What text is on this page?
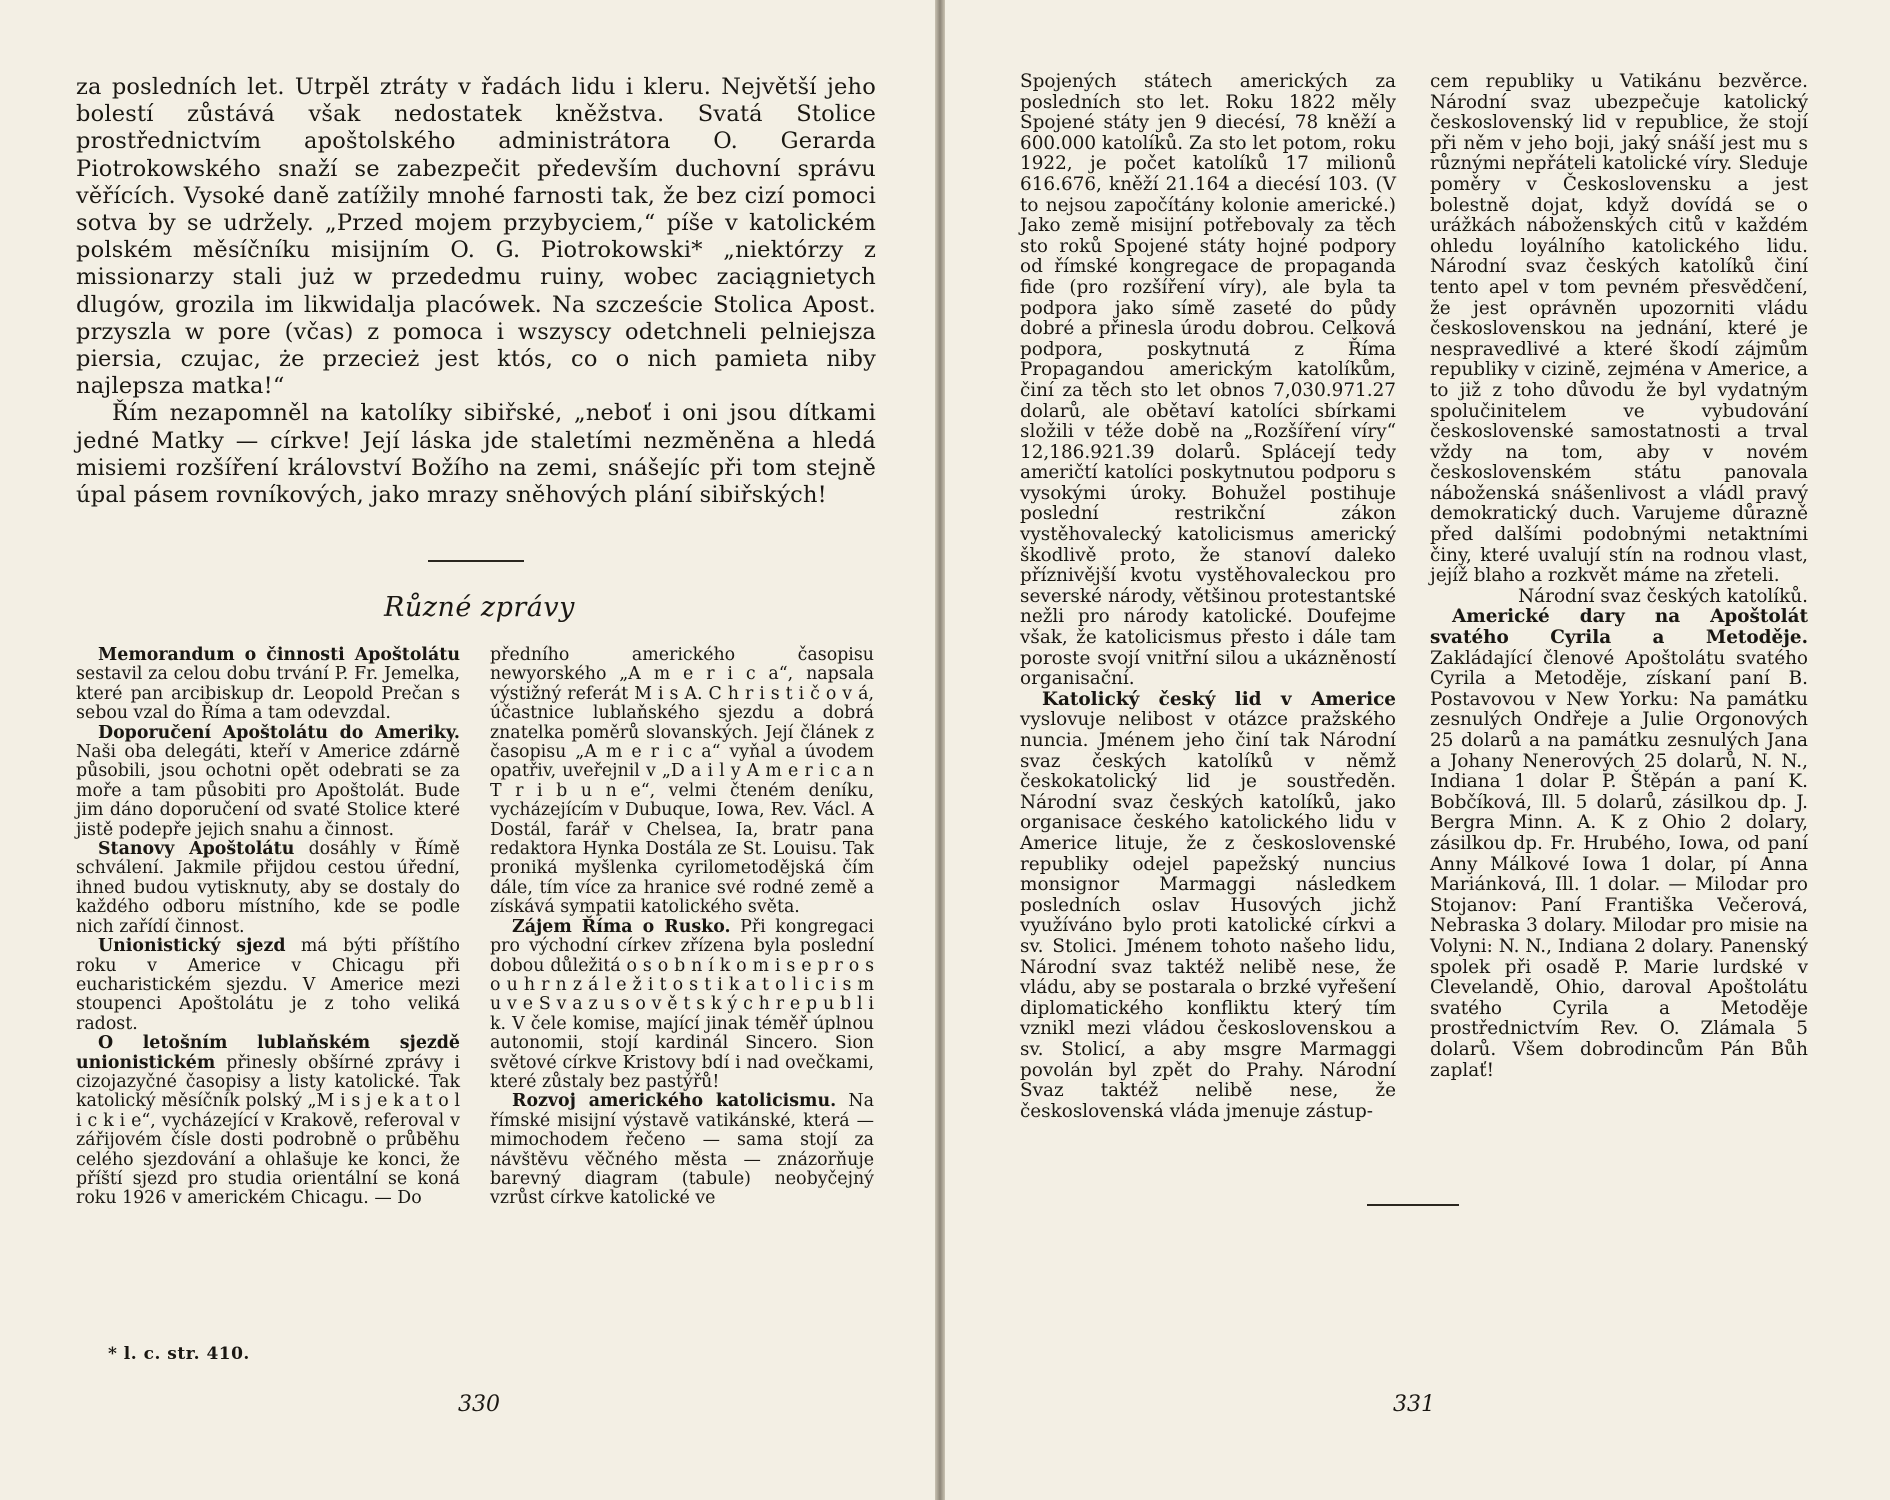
za posledních let. Utrpěl ztráty v řadách lidu i kleru. Největší jeho bolestí zůstává však nedostatek kněžstva. Svatá Stolice prostřednictvím apoštolského administrátora O. Gerarda Piotrokowského snaží se zabezpečit především duchovní správu věřících. Vysoké daně zatížily mnohé farnosti tak, že bez cizí pomoci sotva by se udržely. „Przed mojem przybyciem,“ píše v katolickém polském měsíčníku misijním O. G. Piotrokowski* „niektórzy z missionarzy stali już w przededmu ruiny, wobec zaciągnietych dlugów, grozila im likwidalja placówek. Na szczeście Stolica Apost. przyszla w pore (včas) z pomoca i wszyscy odetchneli pelniejsza piersia, czujac, że przecież jest któs, co o nich pamieta niby najlepsza matka!“

Řím nezapomněl na katolíky sibiřské, „neboť i oni jsou dítkami jedné Matky — církve! Její láska jde staletími nezměněna a hledá misiemi rozšíření království Božího na zemi, snášejíc při tom stejně úpal pásem rovníkových, jako mrazy sněhových plání sibiřských!

Různé zprávy

Memorandum o činnosti Apoštolátu sestavil za celou dobu trvání P. Fr. Jemelka, které pan arcibiskup dr. Leopold Prečan s sebou vzal do Říma a tam odevzdal.

Doporučení Apoštolátu do Ameriky. Naši oba delegáti, kteří v Americe zdárně působili, jsou ochotni opět odebrati se za moře a tam působiti pro Apoštolát. Bude jim dáno doporučení od svaté Stolice které jistě podepře jejich snahu a činnost.

Stanovy Apoštolátu dosáhly v Římě schválení. Jakmile přijdou cestou úřední, ihned budou vytisknuty, aby se dostaly do každého odboru místního, kde se podle nich zařídí činnost.

Unionistický sjezd má býti příštího roku v Americe v Chicagu při eucharistickém sjezdu. V Americe mezi stoupenci Apoštolátu je z toho veliká radost.

O letošním lublaňském sjezdě unionistickém přinesly obšírné zprávy i cizojazyčné časopisy a listy katolické. Tak katolický měsíčník polský „M i s j e k a t o l i c k i e“, vycházející v Krakově, referoval v zářijovém čísle dosti podrobně o průběhu celého sjezdování a ohlašuje ke konci, že příští sjezd pro studia orientální se koná roku 1926 v americkém Chicagu. — Do

předního amerického časopisu newyorského „A m e r i c a“, napsala výstižný referát M i s A. C h r i s t i č o v á, účastnice lublaňského sjezdu a dobrá znatelka poměrů slovanských. Její článek z časopisu „A m e r i c a“ vyňal a úvodem opatřiv, uveřejnil v „D a i l y A m e r i c a n T r i b u n e“, velmi čteném deníku, vycházejícím v Dubuque, Iowa, Rev. Václ. A Dostál, farář v Chelsea, Ia, bratr pana redaktora Hynka Dostála ze St. Louisu. Tak proniká myšlenka cyrilometodějská čím dále, tím více za hranice své rodné země a získává sympatii katolického světa.

Zájem Říma o Rusko. Při kongregaci pro východní církev zřízena byla poslední dobou důležitá o s o b n í k o m i s e p r o s o u h r n z á l e ž i t o s t i k a t o l i c i s m u v e S v a z u s o v ě t s k ý c h r e p u b l i k. V čele komise, mající jinak téměř úplnou autonomii, stojí kardinál Sincero. Sion světové církve Kristovy bdí i nad ovečkami, které zůstaly bez pastýřů!

Rozvoj amerického katolicismu. Na římské misijní výstavě vatikánské, která — mimochodem řečeno — sama stojí za návštěvu věčného města — znázorňuje barevný diagram (tabule) neobyčejný vzrůst církve katolické ve

* l. c. str. 410.
330

Spojených státech amerických za posledních sto let. Roku 1822 měly Spojené státy jen 9 diecésí, 78 kněží a 600.000 katolíků. Za sto let potom, roku 1922, je počet katolíků 17 milionů 616.676, kněží 21.164 a diecésí 103. (V to nejsou započítány kolonie americké.) Jako země misijní potřebovaly za těch sto roků Spojené státy hojné podpory od římské kongregace de propaganda fide (pro rozšíření víry), ale byla ta podpora jako símě zaseté do půdy dobré a přinesla úrodu dobrou. Celková podpora, poskytnutá z Říma Propagandou americkým katolíkům, činí za těch sto let obnos 7,030.971.27 dolarů, ale obětaví katolíci sbírkami složili v téže době na „Rozšíření víry“ 12,186.921.39 dolarů. Splácejí tedy američtí katolíci poskytnutou podporu s vysokými úroky. Bohužel postihuje poslední restrikční zákon vystěhovalecký katolicismus americký škodlivě proto, že stanoví daleko příznivější kvotu vystěhovaleckou pro severské národy, většinou protestantské nežli pro národy katolické. Doufejme však, že katolicismus přesto i dále tam poroste svojí vnitřní silou a ukázněností organisační.

Katolický český lid v Americe vyslovuje nelibost v otázce pražského nuncia. Jménem jeho činí tak Národní svaz českých katolíků v němž českokatolický lid je soustředěn. Národní svaz českých katolíků, jako organisace českého katolického lidu v Americe lituje, že z československé republiky odejel papežský nuncius monsignor Marmaggi následkem posledních oslav Husových jichž využíváno bylo proti katolické církvi a sv. Stolici. Jménem tohoto našeho lidu, Národní svaz taktéž nelibě nese, že vládu, aby se postarala o brzké vyřešení diplomatického konfliktu který tím vznikl mezi vládou československou a sv. Stolicí, a aby msgre Marmaggi povolán byl zpět do Prahy. Národní Svaz taktéž nelibě nese, že československá vláda jmenuje zástup-

cem republiky u Vatikánu bezvěrce. Národní svaz ubezpečuje katolický československý lid v republice, že stojí při něm v jeho boji, jaký snáší jest mu s různými nepřáteli katolické víry. Sleduje poměry v Československu a jest bolestně dojat, když dovídá se o urážkách náboženských citů v každém ohledu loyálního katolického lidu. Národní svaz českých katolíků činí tento apel v tom pevném přesvědčení, že jest oprávněn upozorniti vládu československou na jednání, které je nespravedlivé a které škodí zájmům republiky v cizině, zejména v Americe, a to již z toho důvodu že byl vydatným spolučinitelem ve vybudování československé samostatnosti a trval vždy na tom, aby v novém československém státu panovala náboženská snášenlivost a vládl pravý demokratický duch. Varujeme důrazně před dalšími podobnými netaktními činy, které uvalují stín na rodnou vlast, jejíž blaho a rozkvět máme na zřeteli.

Národní svaz českých katolíků.

Americké dary na Apoštolát svatého Cyrila a Metoděje. Zakládající členové Apoštolátu svatého Cyrila a Metoděje, získaní paní B. Postavovou v New Yorku: Na památku zesnulých Ondřeje a Julie Orgonových 25 dolarů a na památku zesnulých Jana a Johany Nenerových 25 dolarů, N. N., Indiana 1 dolar P. Štěpán a paní K. Bobčíková, Ill. 5 dolarů, zásilkou dp. J. Bergra Minn. A. K z Ohio 2 dolary, zásilkou dp. Fr. Hrubého, Iowa, od paní Anny Málkové Iowa 1 dolar, pí Anna Mariánková, Ill. 1 dolar. — Milodar pro Stojanov: Paní Františka Večerová, Nebraska 3 dolary. Milodar pro misie na Volyni: N. N., Indiana 2 dolary. Panenský spolek při osadě P. Marie lurdské v Clevelandě, Ohio, daroval Apoštolátu svatého Cyrila a Metoděje prostřednictvím Rev. O. Zlámala 5 dolarů. Všem dobrodincům Pán Bůh zaplať!

331
